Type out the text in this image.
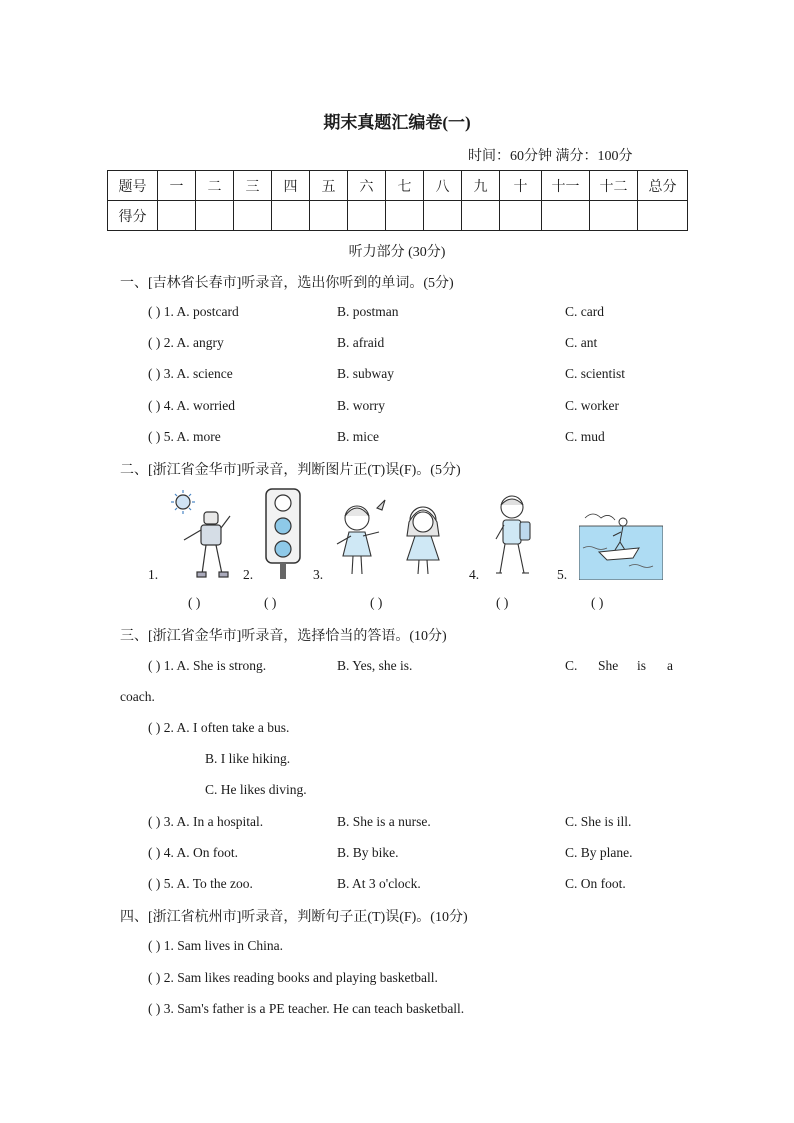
期末真题汇编卷(一)
时间：60分钟 满分：100分
题号	一	二	三	四	五	六	七	八	九	十	十一	十二	总分
得分													
听力部分 (30分)
一、[吉林省长春市]听录音，选出你听到的单词。(5分)
( ) 1. A. postcard	B. postman	C. card
( ) 2. A. angry	B. afraid	C. ant
( ) 3. A. science	B. subway	C. scientist
( ) 4. A. worried	B. worry	C. worker
( ) 5. A. more	B. mice	C. mud
二、[浙江省金华市]听录音，判断图片正(T)误(F)。(5分)
1.	2.	3.	4.	5.
( )	( )	( )	( )	( )
三、[浙江省金华市]听录音，选择恰当的答语。(10分)
( ) 1. A. She is strong.	B. Yes, she is.	C. She is a
coach.
( ) 2. A. I often take a bus.
B. I like hiking.
C. He likes diving.
( ) 3. A. In a hospital.	B. She is a nurse.	C. She is ill.
( ) 4. A. On foot.	B. By bike.	C. By plane.
( ) 5. A. To the zoo.	B. At 3 o'clock.	C. On foot.
四、[浙江省杭州市]听录音，判断句子正(T)误(F)。(10分)
( ) 1. Sam lives in China.
( ) 2. Sam likes reading books and playing basketball.
( ) 3. Sam's father is a PE teacher. He can teach basketball.
